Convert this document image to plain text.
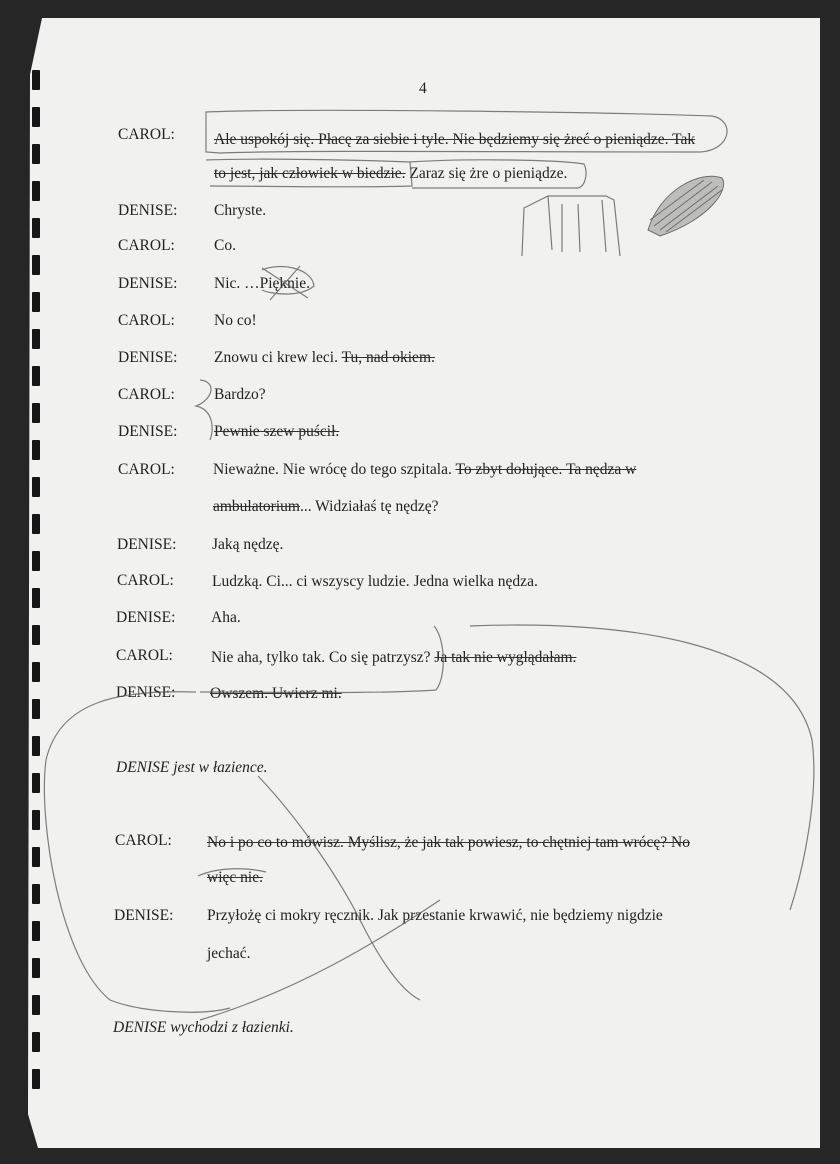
4
CAROL:	Ale uspokój się. Płacę za siebie i tyle. Nie będziemy się żreć o pieniądze. Tak
to jest, jak człowiek w biedzie. Zaraz się żre o pieniądze.
DENISE: Chryste.
CAROL:	Co.
DENISE: Nic. …Pięknie.
CAROL:	No co!
DENISE: Znowu ci krew leci. Tu, nad okiem.
CAROL:	Bardzo?
DENISE: Pewnie szew puścił.
CAROL: Nieważne. Nie wrócę do tego szpitala. To zbyt dołujące. Ta nędza w
ambulatorium... Widziałaś tę nędzę?
DENISE: Jaką nędzę.
CAROL: Ludzką. Ci... ci wszyscy ludzie. Jedna wielka nędza.
DENISE: Aha.
CAROL: Nie aha, tylko tak. Co się patrzysz? Ja tak nie wyglądałam.
DENISE: Owszem. Uwierz mi.
DENISE jest w łazience.
CAROL: No i po co to mówisz. Myślisz, że jak tak powiesz, to chętniej tam wrócę? No
więc nie.
DENISE: Przyłożę ci mokry ręcznik. Jak przestanie krwawić, nie będziemy nigdzie
jechać.
DENISE wychodzi z łazienki.
